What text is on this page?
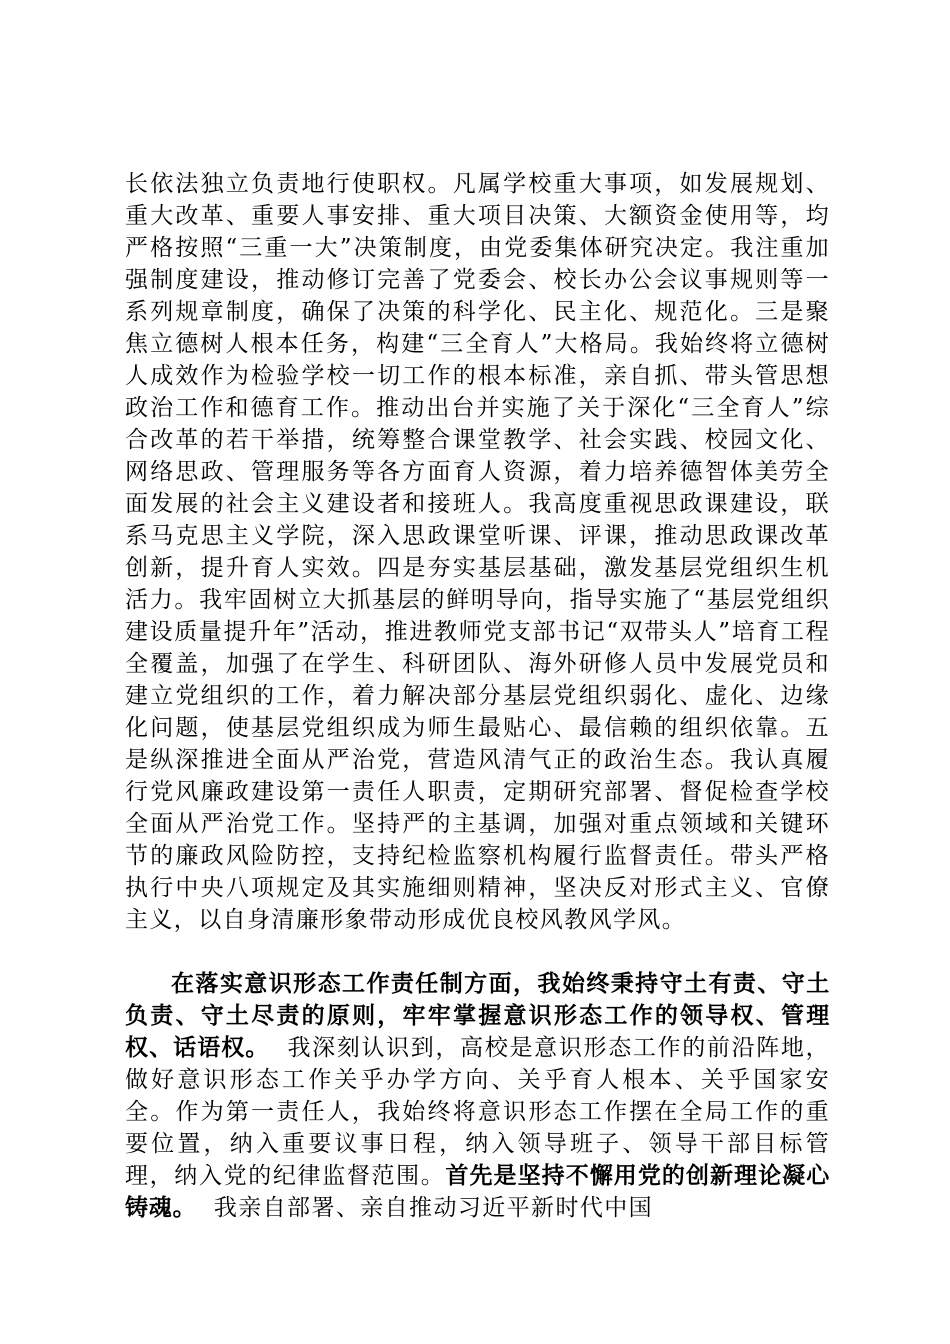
长依法独立负责地行使职权。凡属学校重大事项，如发展规划、重大改革、重要人事安排、重大项目决策、大额资金使用等，均严格按照“三重一大”决策制度，由党委集体研究决定。我注重加强制度建设，推动修订完善了党委会、校长办公会议事规则等一系列规章制度，确保了决策的科学化、民主化、规范化。三是聚焦立德树人根本任务，构建“三全育人”大格局。我始终将立德树人成效作为检验学校一切工作的根本标准，亲自抓、带头管思想政治工作和德育工作。推动出台并实施了关于深化“三全育人”综合改革的若干举措，统筹整合课堂教学、社会实践、校园文化、网络思政、管理服务等各方面育人资源，着力培养德智体美劳全面发展的社会主义建设者和接班人。我高度重视思政课建设，联系马克思主义学院，深入思政课堂听课、评课，推动思政课改革创新，提升育人实效。四是夯实基层基础，激发基层党组织生机活力。我牢固树立大抓基层的鲜明导向，指导实施了“基层党组织建设质量提升年”活动，推进教师党支部书记“双带头人”培育工程全覆盖，加强了在学生、科研团队、海外研修人员中发展党员和建立党组织的工作，着力解决部分基层党组织弱化、虚化、边缘化问题，使基层党组织成为师生最贴心、最信赖的组织依靠。五是纵深推进全面从严治党，营造风清气正的政治生态。我认真履行党风廉政建设第一责任人职责，定期研究部署、督促检查学校全面从严治党工作。坚持严的主基调，加强对重点领域和关键环节的廉政风险防控，支持纪检监察机构履行监督责任。带头严格执行中央八项规定及其实施细则精神，坚决反对形式主义、官僚主义，以自身清廉形象带动形成优良校风教风学风。

在落实意识形态工作责任制方面，我始终秉持守土有责、守土负责、守土尽责的原则，牢牢掌握意识形态工作的领导权、管理权、话语权。 我深刻认识到，高校是意识形态工作的前沿阵地，做好意识形态工作关乎办学方向、关乎育人根本、关乎国家安全。作为第一责任人，我始终将意识形态工作摆在全局工作的重要位置，纳入重要议事日程，纳入领导班子、领导干部目标管理，纳入党的纪律监督范围。首先是坚持不懈用党的创新理论凝心铸魂。 我亲自部署、亲自推动习近平新时代中国
